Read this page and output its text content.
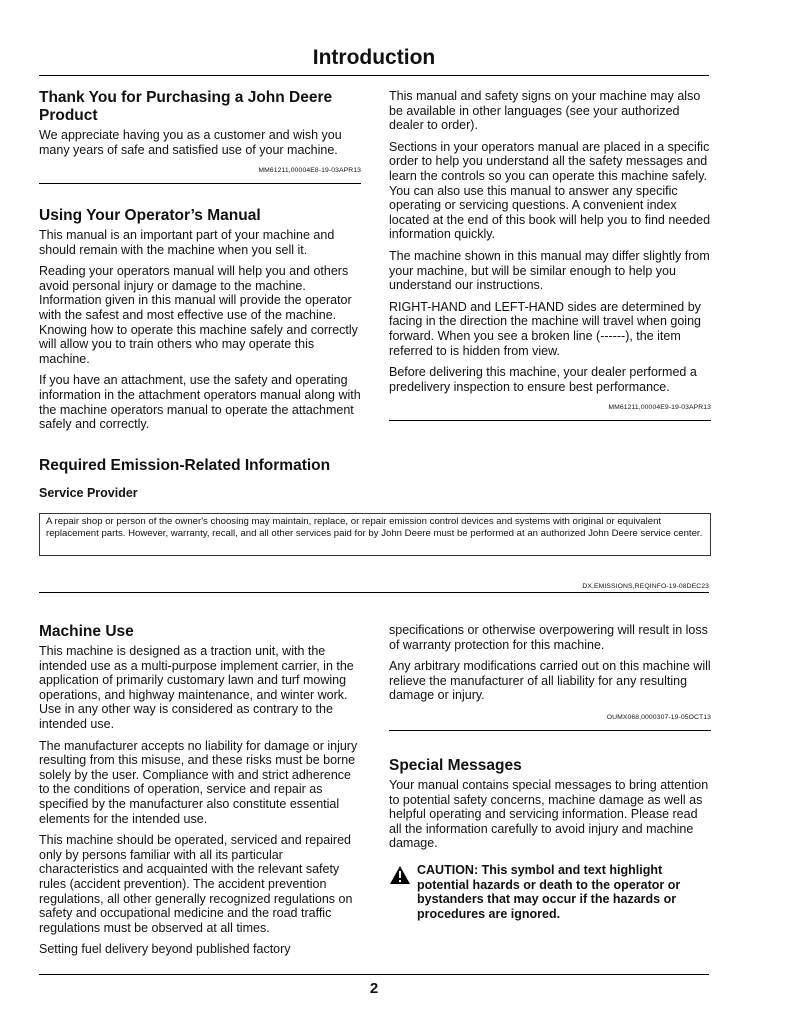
Introduction
Thank You for Purchasing a John Deere Product

We appreciate having you as a customer and wish you many years of safe and satisfied use of your machine.

MM61211,00004E8-19-03APR13

Using Your Operator’s Manual

This manual is an important part of your machine and should remain with the machine when you sell it.

Reading your operators manual will help you and others avoid personal injury or damage to the machine. Information given in this manual will provide the operator with the safest and most effective use of the machine. Knowing how to operate this machine safely and correctly will allow you to train others who may operate this machine.

If you have an attachment, use the safety and operating information in the attachment operators manual along with the machine operators manual to operate the attachment safely and correctly.

This manual and safety signs on your machine may also be available in other languages (see your authorized dealer to order).

Sections in your operators manual are placed in a specific order to help you understand all the safety messages and learn the controls so you can operate this machine safely. You can also use this manual to answer any specific operating or servicing questions. A convenient index located at the end of this book will help you to find needed information quickly.

The machine shown in this manual may differ slightly from your machine, but will be similar enough to help you understand our instructions.

RIGHT-HAND and LEFT-HAND sides are determined by facing in the direction the machine will travel when going forward. When you see a broken line (------), the item referred to is hidden from view.

Before delivering this machine, your dealer performed a predelivery inspection to ensure best performance.

MM61211,00004E9-19-03APR13

Required Emission-Related Information
Service Provider
A repair shop or person of the owner's choosing may maintain, replace, or repair emission control devices and systems with original or equivalent replacement parts. However, warranty, recall, and all other services paid for by John Deere must be performed at an authorized John Deere service center.

DX,EMISSIONS,REQINFO-19-08DEC23

Machine Use

This machine is designed as a traction unit, with the intended use as a multi-purpose implement carrier, in the application of primarily customary lawn and turf mowing operations, and highway maintenance, and winter work. Use in any other way is considered as contrary to the intended use.

The manufacturer accepts no liability for damage or injury resulting from this misuse, and these risks must be borne solely by the user. Compliance with and strict adherence to the conditions of operation, service and repair as specified by the manufacturer also constitute essential elements for the intended use.

This machine should be operated, serviced and repaired only by persons familiar with all its particular characteristics and acquainted with the relevant safety rules (accident prevention). The accident prevention regulations, all other generally recognized regulations on safety and occupational medicine and the road traffic regulations must be observed at all times.

Setting fuel delivery beyond published factory

specifications or otherwise overpowering will result in loss of warranty protection for this machine.

Any arbitrary modifications carried out on this machine will relieve the manufacturer of all liability for any resulting damage or injury.

OUMX068,0000307-19-05OCT13

Special Messages

Your manual contains special messages to bring attention to potential safety concerns, machine damage as well as helpful operating and servicing information. Please read all the information carefully to avoid injury and machine damage.

CAUTION: This symbol and text highlight potential hazards or death to the operator or bystanders that may occur if the hazards or procedures are ignored.

2
